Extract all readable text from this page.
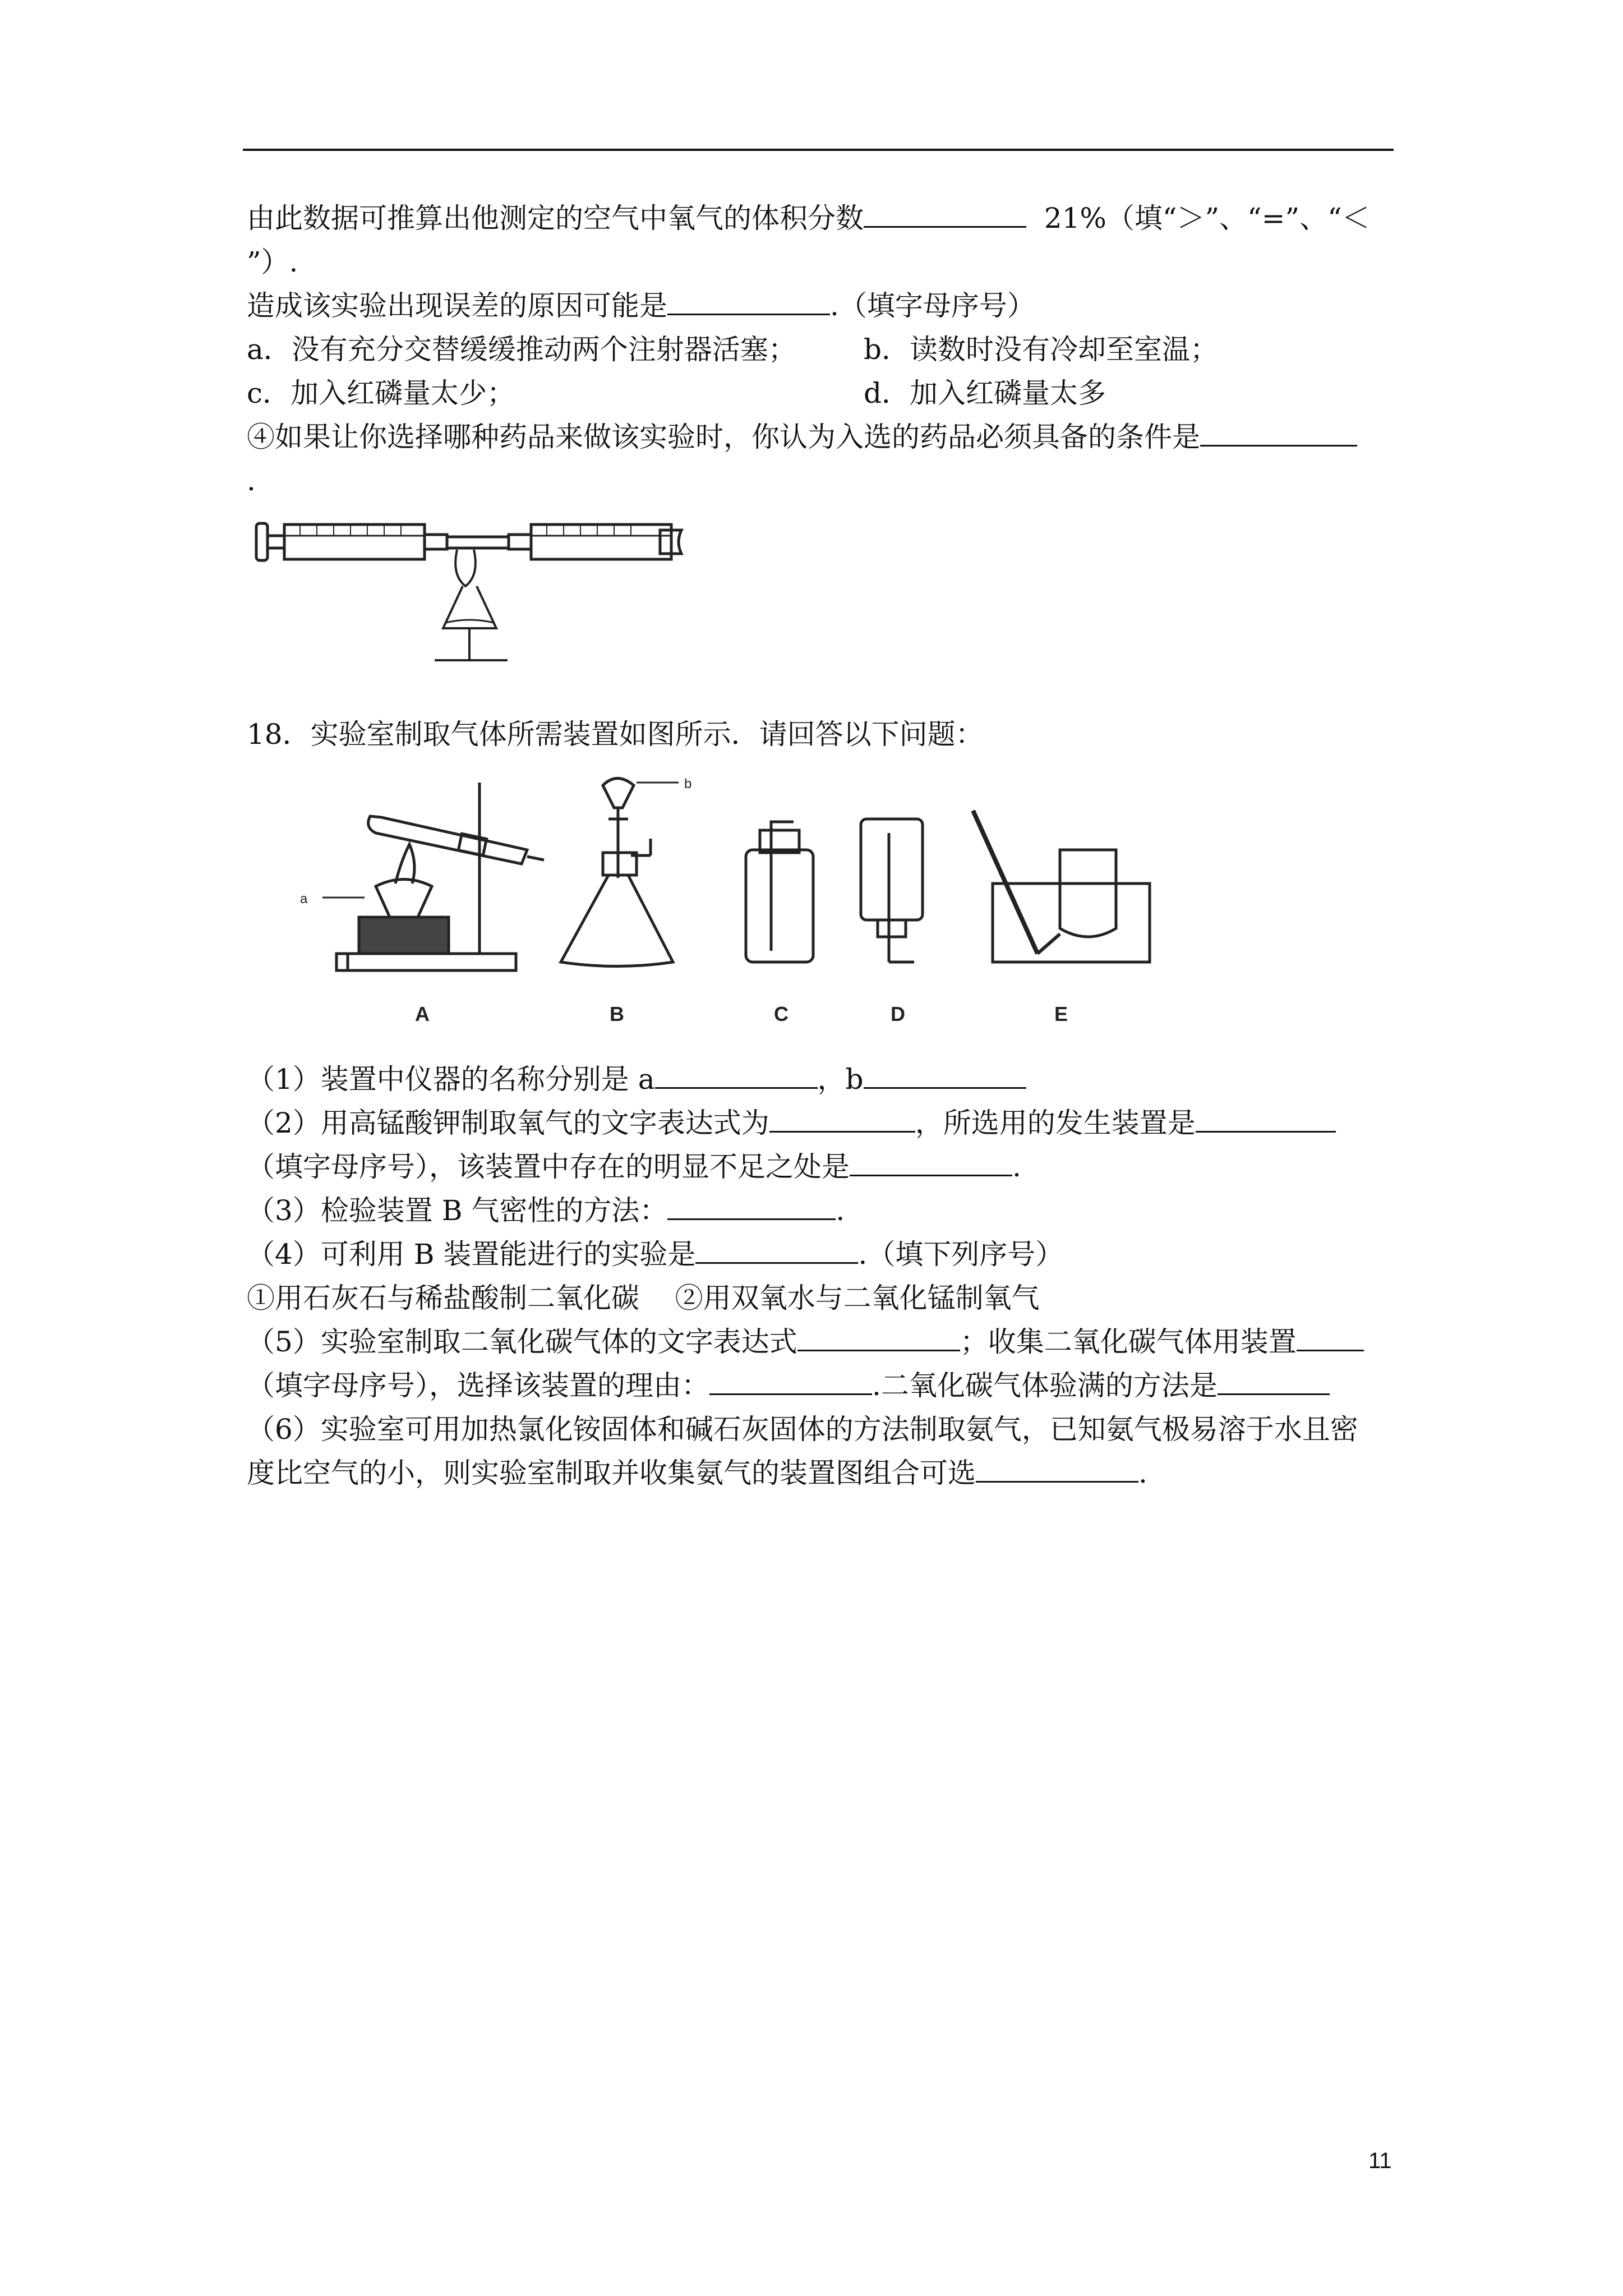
由此数据可推算出他测定的空气中氧气的体积分数	21%（填“＞”、“=”、“＜
”）.
造成该实验出现误差的原因可能是	.（填字母序号）
a．没有充分交替缓缓推动两个注射器活塞； b．读数时没有冷却至室温；
c．加入红磷量太少；	d．加入红磷量太多
④如果让你选择哪种药品来做该实验时，你认为入选的药品必须具备的条件是
.
18．实验室制取气体所需装置如图所示．请回答以下问题：
A	B	C	D	E
a
b
（1）装置中仪器的名称分别是 a	，b
（2）用高锰酸钾制取氧气的文字表达式为	，所选用的发生装置是
（填字母序号），该装置中存在的明显不足之处是	.
（3）检验装置 B 气密性的方法：	.
（4）可利用 B 装置能进行的实验是	.（填下列序号）
①用石灰石与稀盐酸制二氧化碳 ②用双氧水与二氧化锰制氧气
（5）实验室制取二氧化碳气体的文字表达式	；收集二氧化碳气体用装置
（填字母序号），选择该装置的理由：	.二氧化碳气体验满的方法是
（6）实验室可用加热氯化铵固体和碱石灰固体的方法制取氨气，已知氨气极易溶于水且密
度比空气的小，则实验室制取并收集氨气的装置图组合可选	.
11
